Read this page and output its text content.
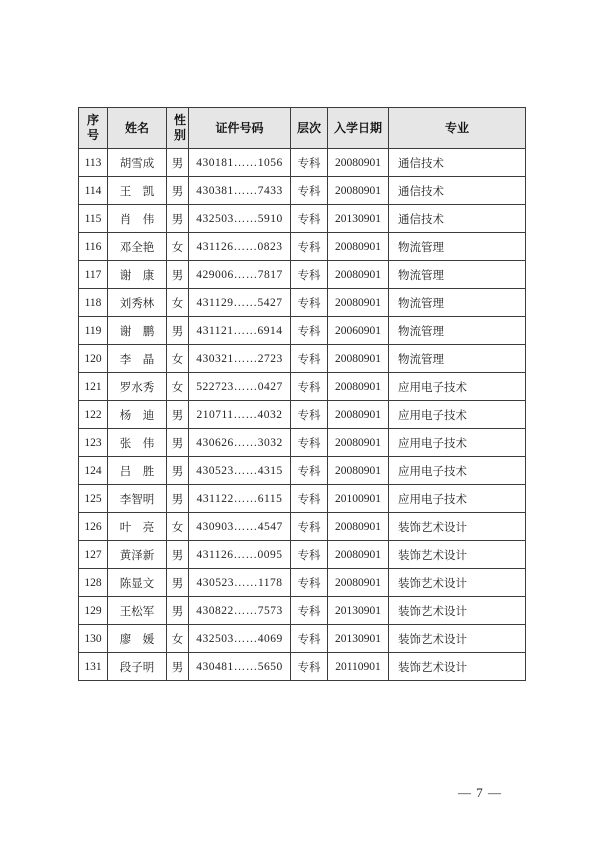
序号	姓名	性别	证件号码	层次	入学日期	专业
113	胡雪成	男	430181……1056	专科	20080901	通信技术
114	王　凯	男	430381……7433	专科	20080901	通信技术
115	肖　伟	男	432503……5910	专科	20130901	通信技术
116	邓全艳	女	431126……0823	专科	20080901	物流管理
117	谢　康	男	429006……7817	专科	20080901	物流管理
118	刘秀林	女	431129……5427	专科	20080901	物流管理
119	谢　鹏	男	431121……6914	专科	20060901	物流管理
120	李　晶	女	430321……2723	专科	20080901	物流管理
121	罗水秀	女	522723……0427	专科	20080901	应用电子技术
122	杨　迪	男	210711……4032	专科	20080901	应用电子技术
123	张　伟	男	430626……3032	专科	20080901	应用电子技术
124	吕　胜	男	430523……4315	专科	20080901	应用电子技术
125	李智明	男	431122……6115	专科	20100901	应用电子技术
126	叶　亮	女	430903……4547	专科	20080901	装饰艺术设计
127	黄泽新	男	431126……0095	专科	20080901	装饰艺术设计
128	陈显文	男	430523……1178	专科	20080901	装饰艺术设计
129	王松军	男	430822……7573	专科	20130901	装饰艺术设计
130	廖　媛	女	432503……4069	专科	20130901	装饰艺术设计
131	段子明	男	430481……5650	专科	20110901	装饰艺术设计
— 7 —
